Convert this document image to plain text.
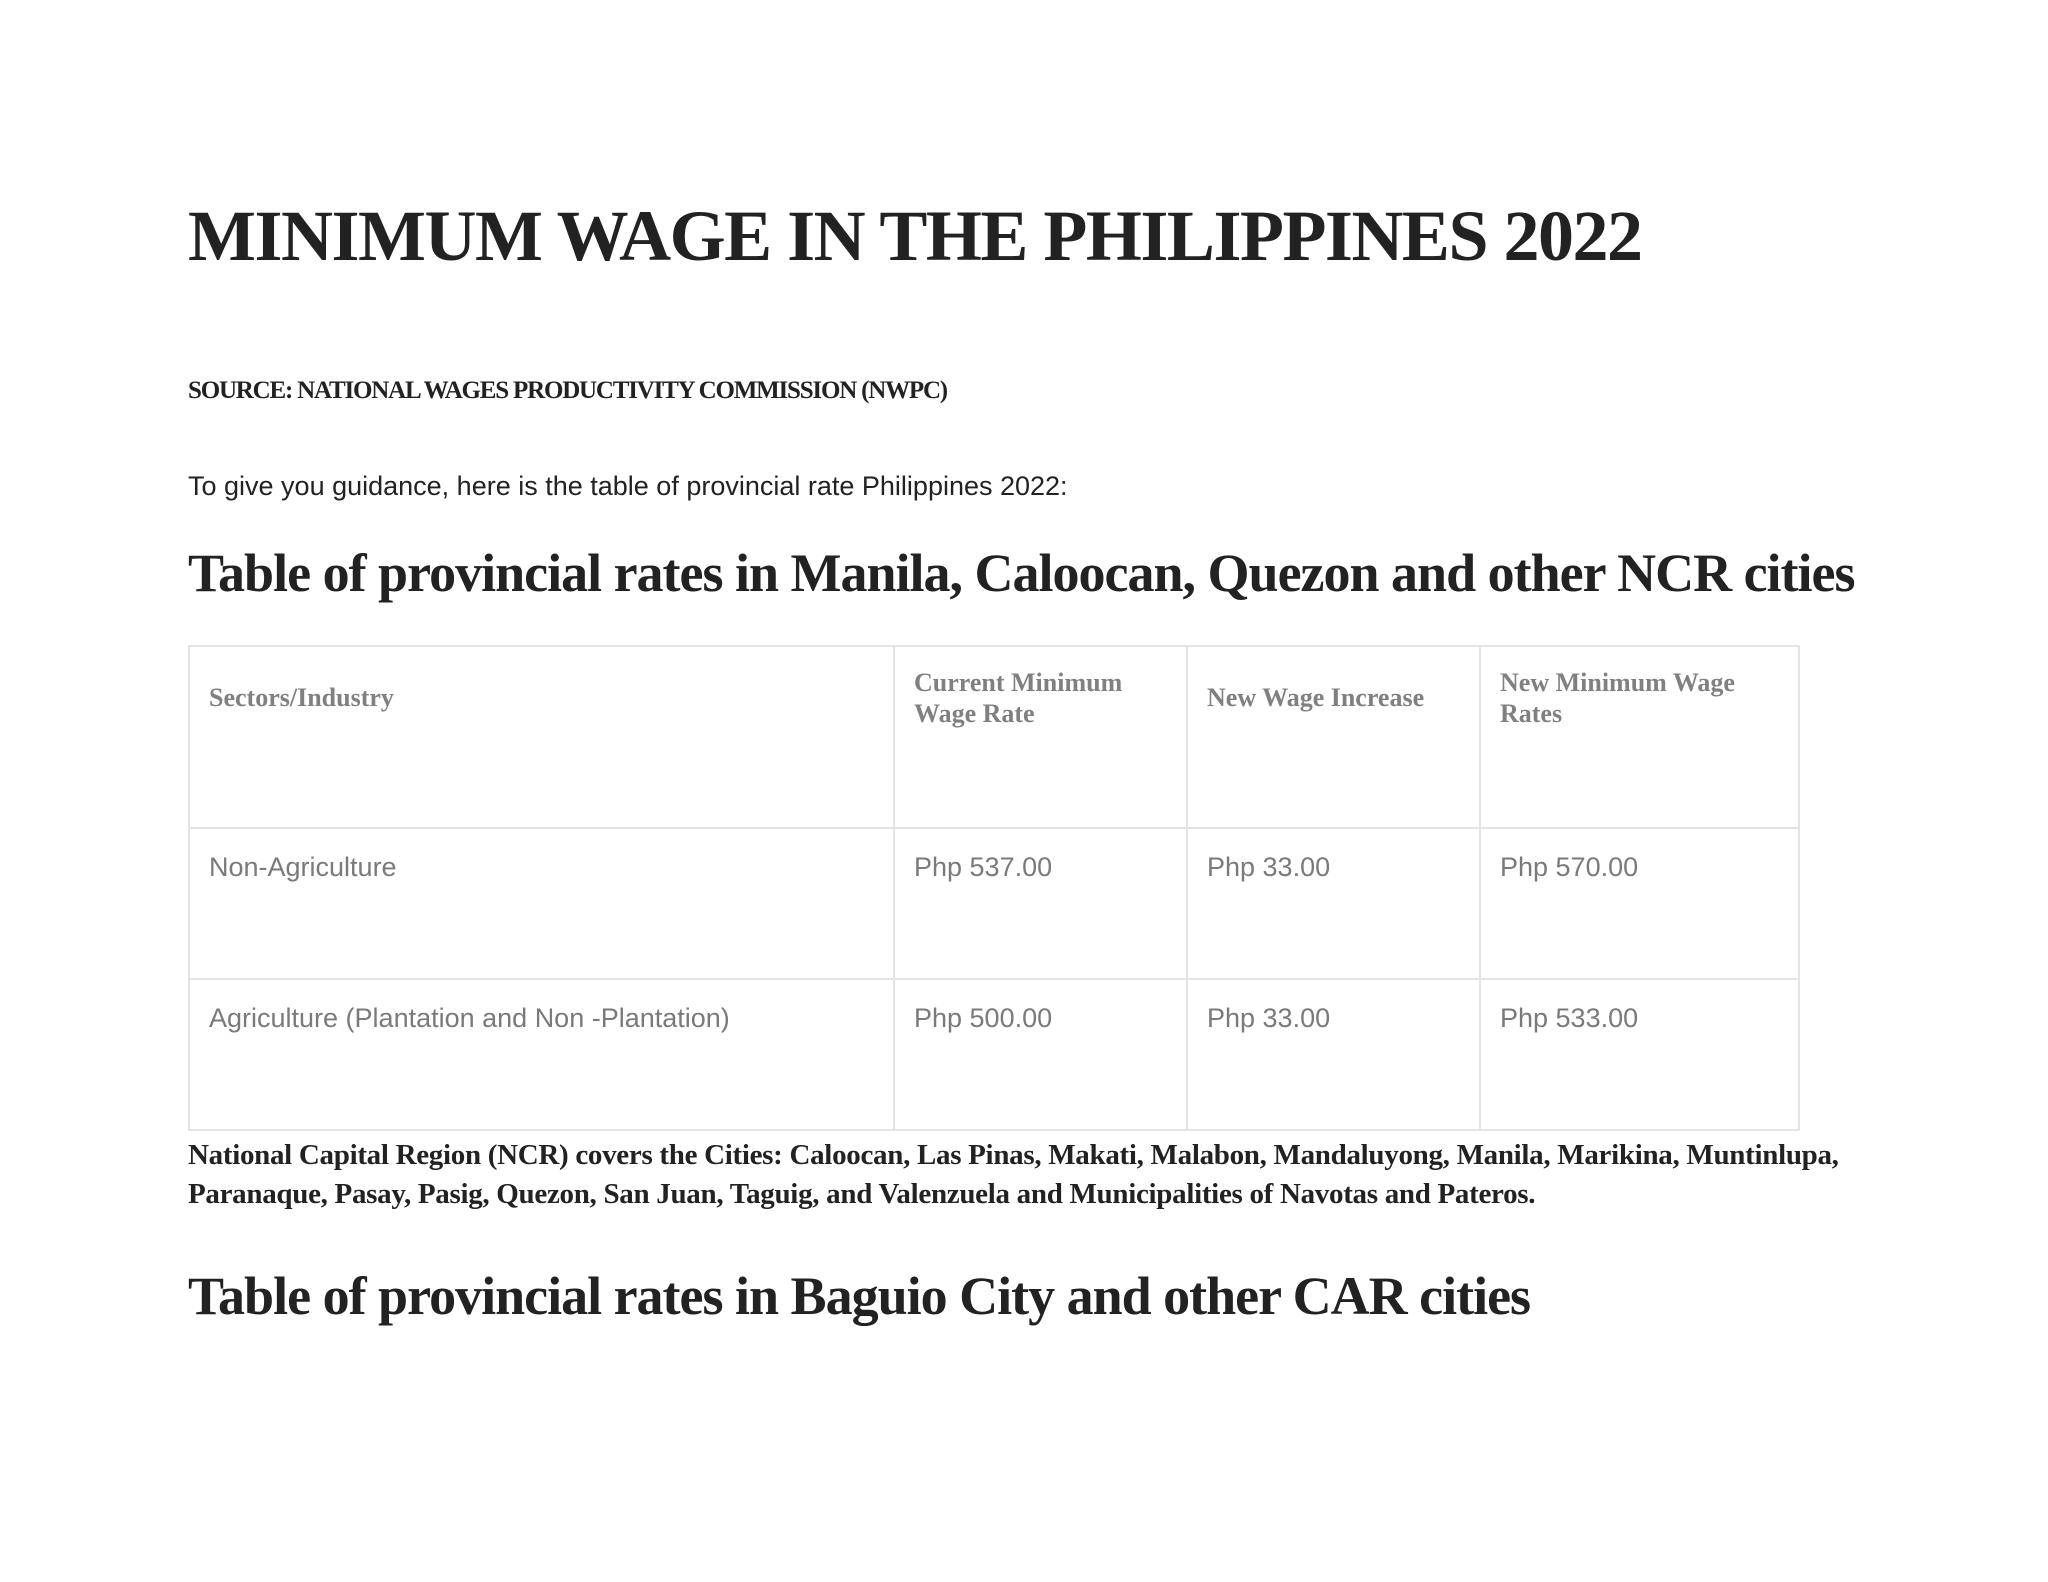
MINIMUM WAGE IN THE PHILIPPINES 2022

SOURCE: NATIONAL WAGES PRODUCTIVITY COMMISSION (NWPC)

To give you guidance, here is the table of provincial rate Philippines 2022:

Table of provincial rates in Manila, Caloocan, Quezon and other NCR cities
Sectors/Industry	Current Minimum Wage Rate	New Wage Increase	New Minimum Wage Rates
Non-Agriculture	Php 537.00	Php 33.00	Php 570.00
Agriculture (Plantation and Non -Plantation)	Php 500.00	Php 33.00	Php 533.00

National Capital Region (NCR) covers the Cities: Caloocan, Las Pinas, Makati, Malabon, Mandaluyong, Manila, Marikina, Muntinlupa, Paranaque, Pasay, Pasig, Quezon, San Juan, Taguig, and Valenzuela and Municipalities of Navotas and Pateros.

Table of provincial rates in Baguio City and other CAR cities
